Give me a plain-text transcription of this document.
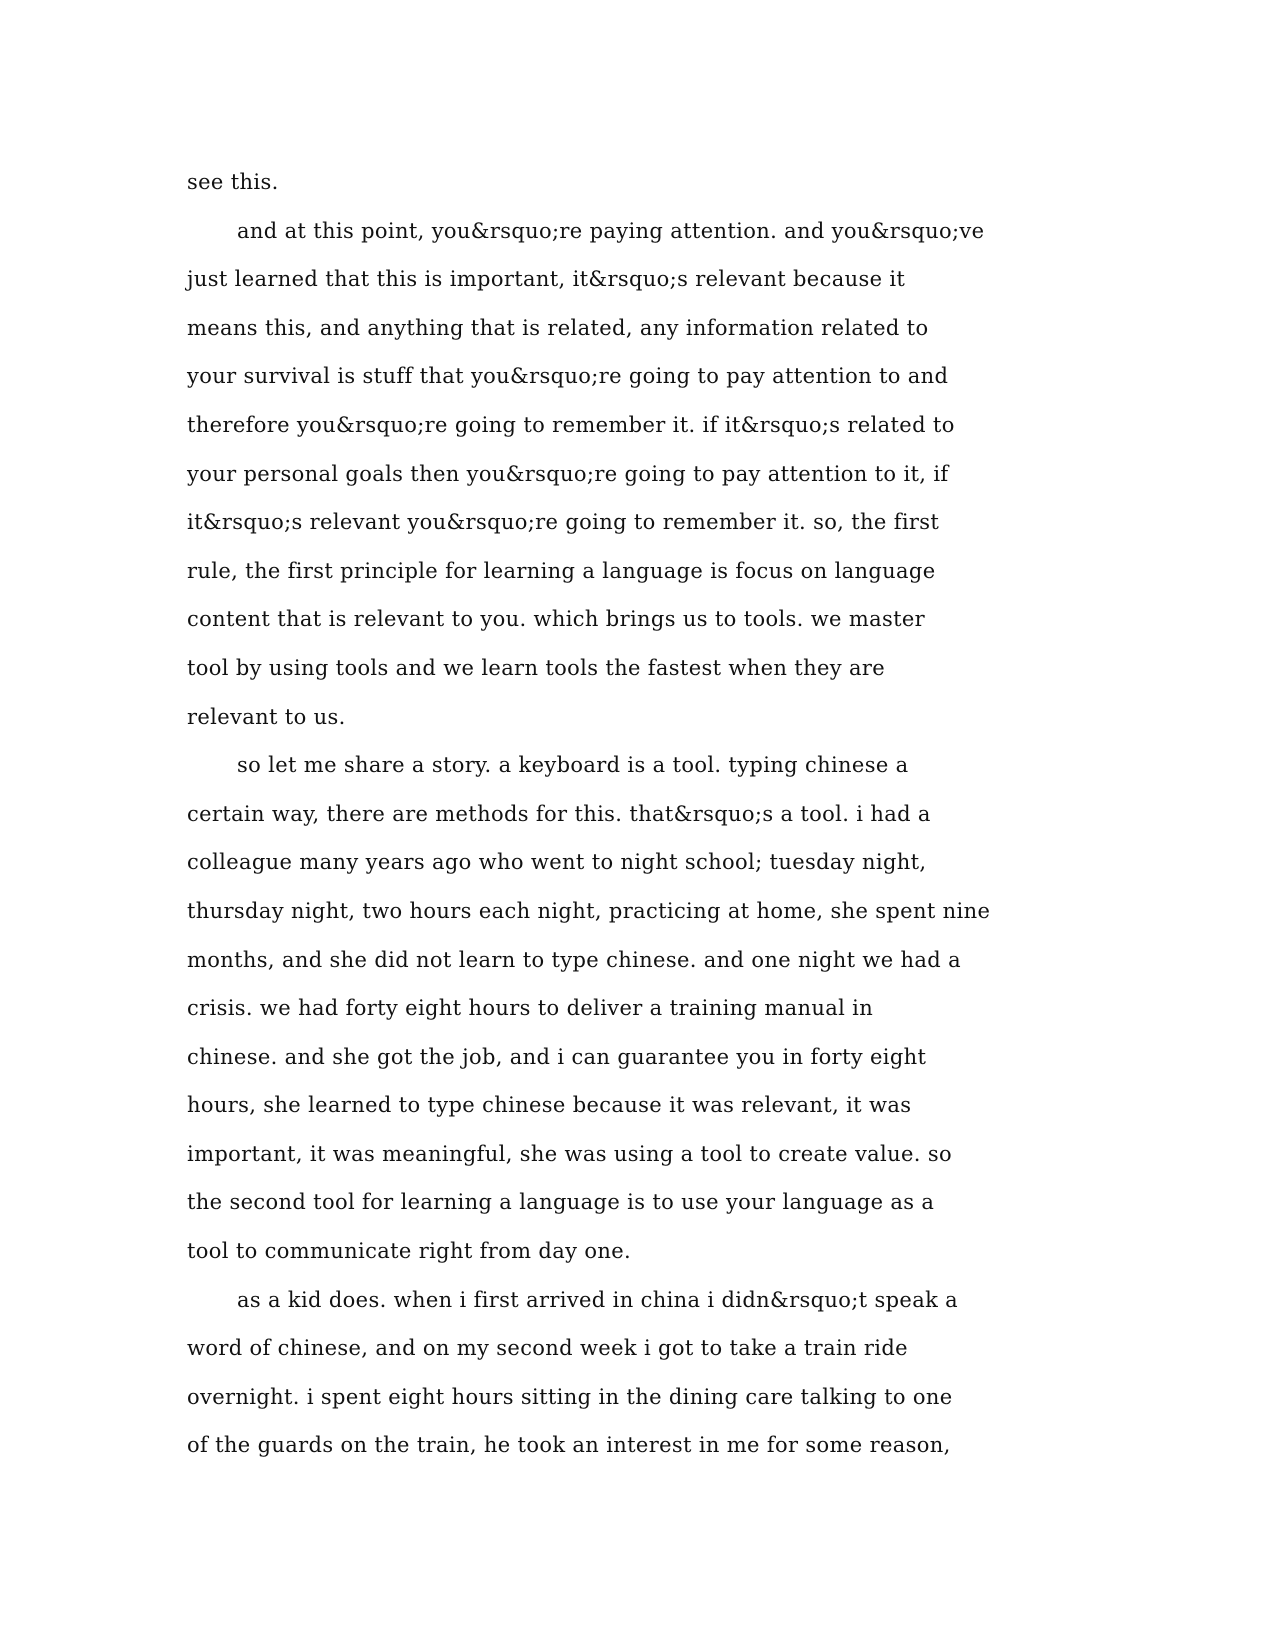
see this.
and at this point, you&rsquo;re paying attention. and you&rsquo;ve
just learned that this is important, it&rsquo;s relevant because it
means this, and anything that is related, any information related to
your survival is stuff that you&rsquo;re going to pay attention to and
therefore you&rsquo;re going to remember it. if it&rsquo;s related to
your personal goals then you&rsquo;re going to pay attention to it, if
it&rsquo;s relevant you&rsquo;re going to remember it. so, the first
rule, the first principle for learning a language is focus on language
content that is relevant to you. which brings us to tools. we master
tool by using tools and we learn tools the fastest when they are
relevant to us.
so let me share a story. a keyboard is a tool. typing chinese a
certain way, there are methods for this. that&rsquo;s a tool. i had a
colleague many years ago who went to night school; tuesday night,
thursday night, two hours each night, practicing at home, she spent nine
months, and she did not learn to type chinese. and one night we had a
crisis. we had forty eight hours to deliver a training manual in
chinese. and she got the job, and i can guarantee you in forty eight
hours, she learned to type chinese because it was relevant, it was
important, it was meaningful, she was using a tool to create value. so
the second tool for learning a language is to use your language as a
tool to communicate right from day one.
as a kid does. when i first arrived in china i didn&rsquo;t speak a
word of chinese, and on my second week i got to take a train ride
overnight. i spent eight hours sitting in the dining care talking to one
of the guards on the train, he took an interest in me for some reason,
